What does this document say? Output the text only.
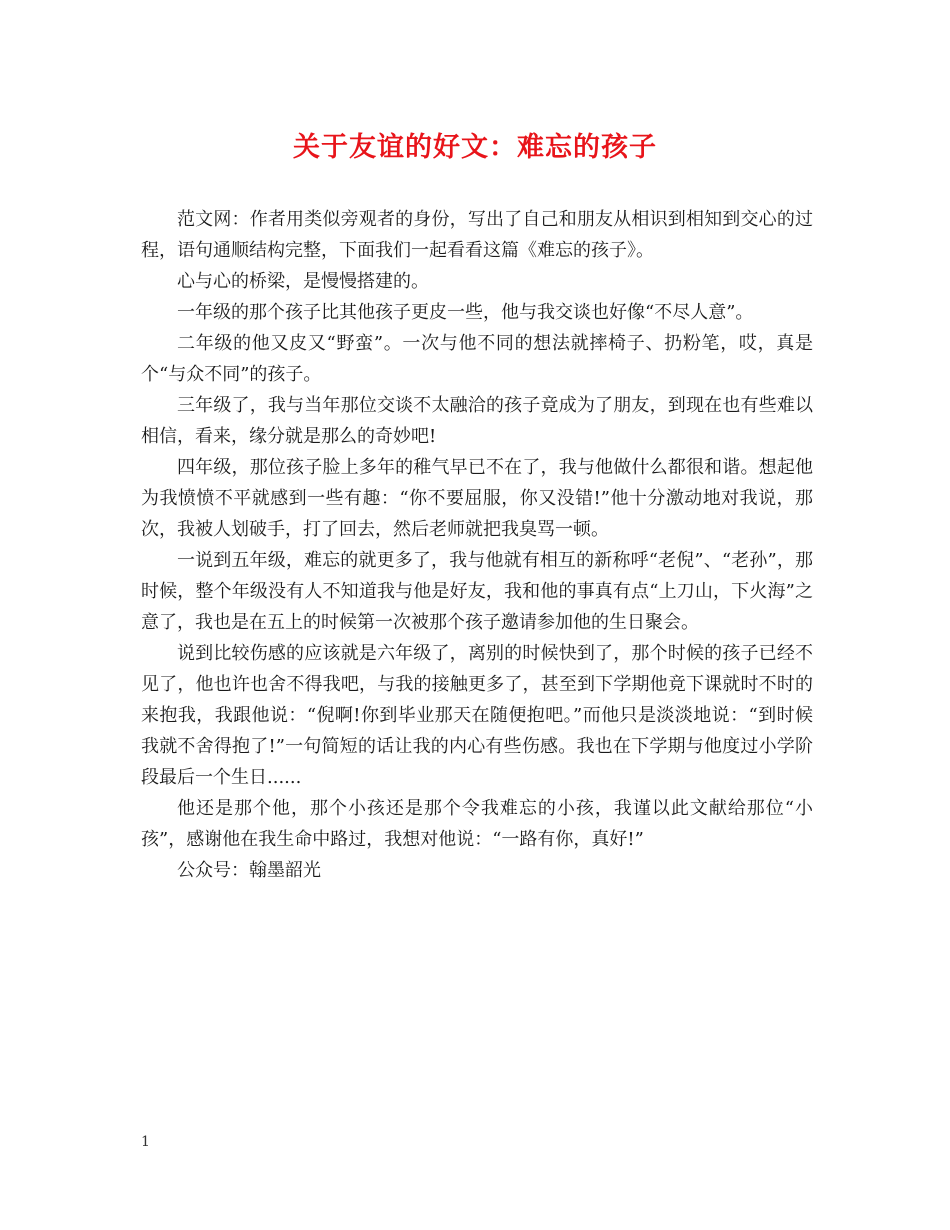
关于友谊的好文：难忘的孩子

范文网：作者用类似旁观者的身份，写出了自己和朋友从相识到相知到交心的过程，语句通顺结构完整，下面我们一起看看这篇《难忘的孩子》。

心与心的桥梁，是慢慢搭建的。

一年级的那个孩子比其他孩子更皮一些，他与我交谈也好像“不尽人意”。

二年级的他又皮又“野蛮”。一次与他不同的想法就摔椅子、扔粉笔，哎，真是个“与众不同”的孩子。

三年级了，我与当年那位交谈不太融洽的孩子竟成为了朋友，到现在也有些难以相信，看来，缘分就是那么的奇妙吧!

四年级，那位孩子脸上多年的稚气早已不在了，我与他做什么都很和谐。想起他为我愤愤不平就感到一些有趣：“你不要屈服，你又没错!”他十分激动地对我说，那次，我被人划破手，打了回去，然后老师就把我臭骂一顿。

一说到五年级，难忘的就更多了，我与他就有相互的新称呼“老倪”、“老孙”，那时候，整个年级没有人不知道我与他是好友，我和他的事真有点“上刀山，下火海”之意了，我也是在五上的时候第一次被那个孩子邀请参加他的生日聚会。

说到比较伤感的应该就是六年级了，离别的时候快到了，那个时候的孩子已经不见了，他也许也舍不得我吧，与我的接触更多了，甚至到下学期他竟下课就时不时的来抱我，我跟他说：“倪啊!你到毕业那天在随便抱吧。”而他只是淡淡地说：“到时候我就不舍得抱了!”一句简短的话让我的内心有些伤感。我也在下学期与他度过小学阶段最后一个生日......

他还是那个他，那个小孩还是那个令我难忘的小孩，我谨以此文献给那位“小孩”，感谢他在我生命中路过，我想对他说：“一路有你，真好!”

公众号：翰墨韶光

1
